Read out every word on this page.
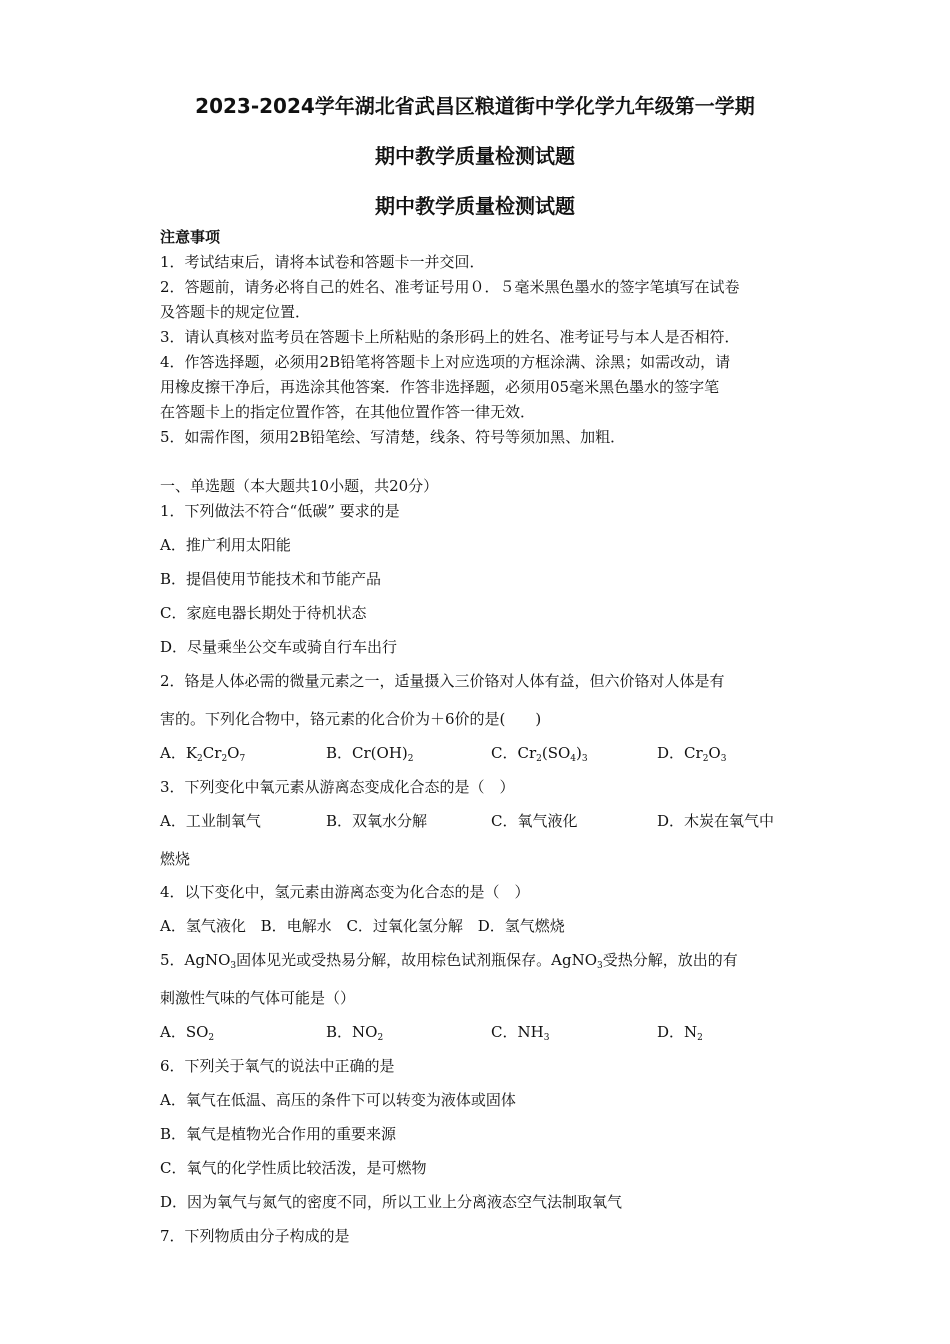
2023-2024学年湖北省武昌区粮道街中学化学九年级第一学期
期中教学质量检测试题
期中教学质量检测试题
注意事项
1．考试结束后，请将本试卷和答题卡一并交回．
2．答题前，请务必将自己的姓名、准考证号用０．５毫米黑色墨水的签字笔填写在试卷
及答题卡的规定位置．
3．请认真核对监考员在答题卡上所粘贴的条形码上的姓名、准考证号与本人是否相符．
4．作答选择题，必须用2B铅笔将答题卡上对应选项的方框涂满、涂黑；如需改动，请
用橡皮擦干净后，再选涂其他答案．作答非选择题，必须用05毫米黑色墨水的签字笔
在答题卡上的指定位置作答，在其他位置作答一律无效．
5．如需作图，须用2B铅笔绘、写清楚，线条、符号等须加黑、加粗．
一、单选题（本大题共10小题，共20分）
1．下列做法不符合“低碳” 要求的是
A．推广利用太阳能
B．提倡使用节能技术和节能产品
C．家庭电器长期处于待机状态
D．尽量乘坐公交车或骑自行车出行
2．铬是人体必需的微量元素之一，适量摄入三价铬对人体有益，但六价铬对人体是有
害的。下列化合物中，铬元素的化合价为＋6价的是(　　)
A．$K_2Cr_2O_7$	B．$Cr(OH)_2$	C．$Cr_2(SO_4)_3$	D．$Cr_2O_3$
3．下列变化中氧元素从游离态变成化合态的是（　）
A．工业制氧气	B．双氧水分解	C．氧气液化	D．木炭在氧气中
燃烧
4．以下变化中，氢元素由游离态变为化合态的是（　）
A．氢气液化 B．电解水 C．过氧化氢分解 D．氢气燃烧
5．AgNO$_3$固体见光或受热易分解，故用棕色试剂瓶保存。AgNO$_3$受热分解，放出的有
刺激性气味的气体可能是（）
A．$SO_2$	B．$NO_2$	C．$NH_3$	D．$N_2$
6．下列关于氧气的说法中正确的是
A．氧气在低温、高压的条件下可以转变为液体或固体
B．氧气是植物光合作用的重要来源
C．氧气的化学性质比较活泼，是可燃物
D．因为氧气与氮气的密度不同，所以工业上分离液态空气法制取氧气
7．下列物质由分子构成的是
